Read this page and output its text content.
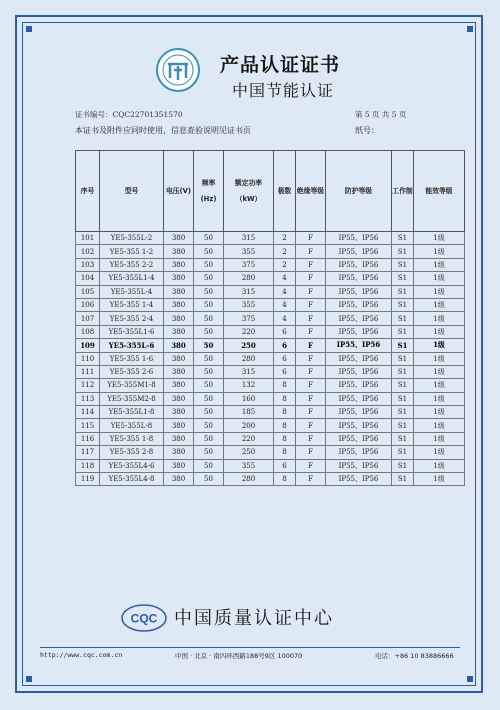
产品认证证书
中国节能认证
证书编号：CQC22701351570	第 5 页 共 5 页
本证书及附件应同时使用，信息查验说明见证书页	纸号：
序号	型号	电压(V)	频率(Hz)	额定功率（kW）	极数	绝缘等级	防护等级	工作制	能效等级
101	YE5-355L-2	380	50	315	2	F	IP55、IP56	S1	1级
102	YE5-355 1-2	380	50	355	2	F	IP55、IP56	S1	1级
103	YE5-355 2-2	380	50	375	2	F	IP55、IP56	S1	1级
104	YE5-355L1-4	380	50	280	4	F	IP55、IP56	S1	1级
105	YE5-355L-4	380	50	315	4	F	IP55、IP56	S1	1级
106	YE5-355 1-4	380	50	355	4	F	IP55、IP56	S1	1级
107	YE5-355 2-4	380	50	375	4	F	IP55、IP56	S1	1级
108	YE5-355L1-6	380	50	220	6	F	IP55、IP56	S1	1级
109	YE5-355L-6	380	50	250	6	F	IP55、IP56	S1	1级
110	YE5-355 1-6	380	50	280	6	F	IP55、IP56	S1	1级
111	YE5-355 2-6	380	50	315	6	F	IP55、IP56	S1	1级
112	YE5-355M1-8	380	50	132	8	F	IP55、IP56	S1	1级
113	YE5-355M2-8	380	50	160	8	F	IP55、IP56	S1	1级
114	YE5-355L1-8	380	50	185	8	F	IP55、IP56	S1	1级
115	YE5-355L-8	380	50	200	8	F	IP55、IP56	S1	1级
116	YE5-355 1-8	380	50	220	8	F	IP55、IP56	S1	1级
117	YE5-355 2-8	380	50	250	8	F	IP55、IP56	S1	1级
118	YE5-355L4-6	380	50	355	6	F	IP55、IP56	S1	1级
119	YE5-355L4-8	380	50	280	8	F	IP55、IP56	S1	1级
CQC 中国质量认证中心
http://www.cqc.com.cn	中国 · 北京 · 南四环西路188号9区 100070	电话：+86 10 83886666
